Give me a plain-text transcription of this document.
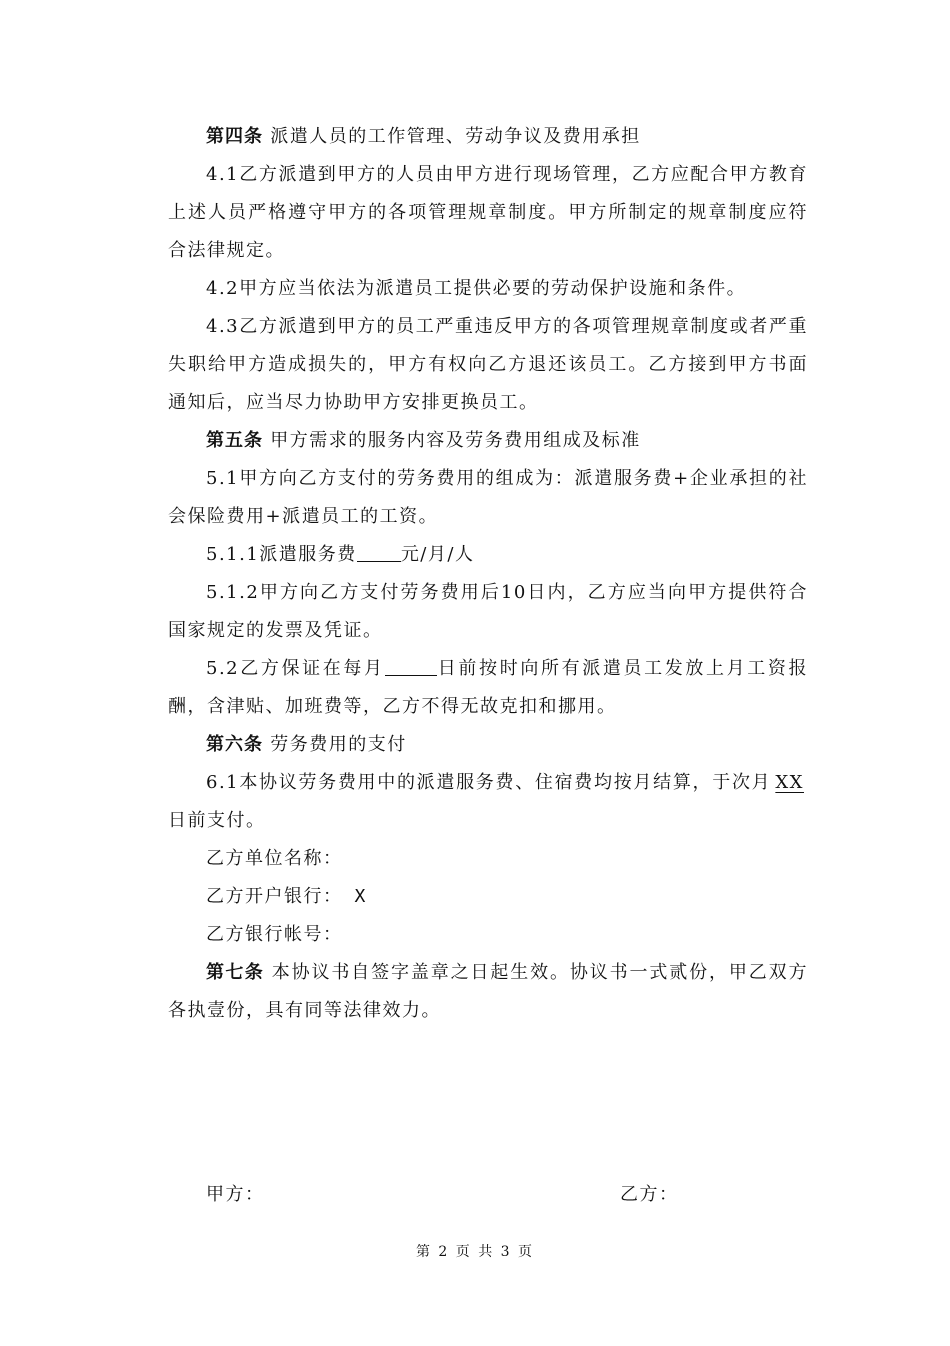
第四条 派遣人员的工作管理、劳动争议及费用承担

4.1乙方派遣到甲方的人员由甲方进行现场管理，乙方应配合甲方教育上述人员严格遵守甲方的各项管理规章制度。甲方所制定的规章制度应符合法律规定。

4.2甲方应当依法为派遣员工提供必要的劳动保护设施和条件。

4.3乙方派遣到甲方的员工严重违反甲方的各项管理规章制度或者严重失职给甲方造成损失的，甲方有权向乙方退还该员工。乙方接到甲方书面通知后，应当尽力协助甲方安排更换员工。

第五条 甲方需求的服务内容及劳务费用组成及标准

5.1甲方向乙方支付的劳务费用的组成为：派遣服务费+企业承担的社会保险费用+派遣员工的工资。

5.1.1派遣服务费 元/月/人

5.1.2甲方向乙方支付劳务费用后10日内，乙方应当向甲方提供符合国家规定的发票及凭证。

5.2乙方保证在每月	日前按时向所有派遣员工发放上月工资报酬，含津贴、加班费等，乙方不得无故克扣和挪用。

第六条 劳务费用的支付

6.1本协议劳务费用中的派遣服务费、住宿费均按月结算，于次月 XX日前支付。

乙方单位名称：

乙方开户银行： X

乙方银行帐号：

第七条 本协议书自签字盖章之日起生效。协议书一式贰份，甲乙双方各执壹份，具有同等法律效力。

甲方：	乙方：
第 2 页 共 3 页
